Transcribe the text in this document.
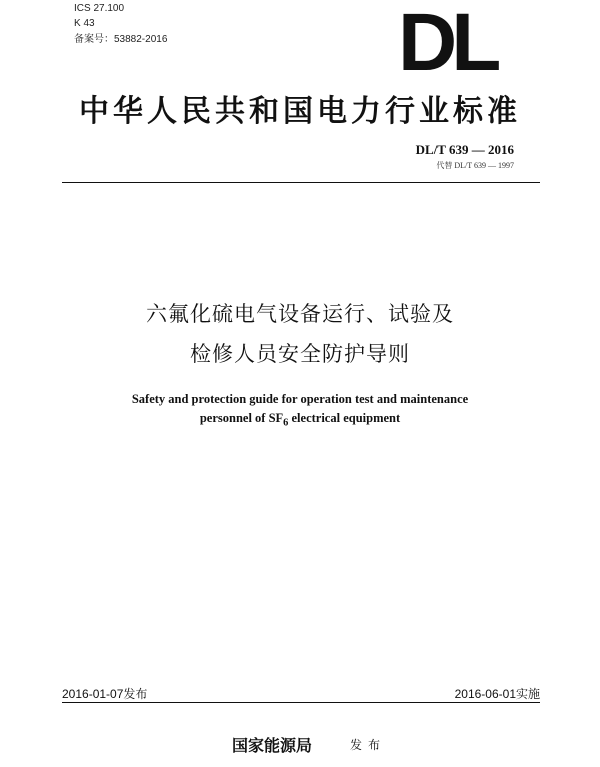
ICS 27.100
K 43
备案号：53882-2016	DL
中华人民共和国电力行业标准
DL/T 639 — 2016
代替 DL/T 639 — 1997
六氟化硫电气设备运行、试验及
检修人员安全防护导则
Safety and protection guide for operation test and maintenance
personnel of $SF_6$ electrical equipment
2016-01-07发布	2016-06-01实施
国家能源局	发布
